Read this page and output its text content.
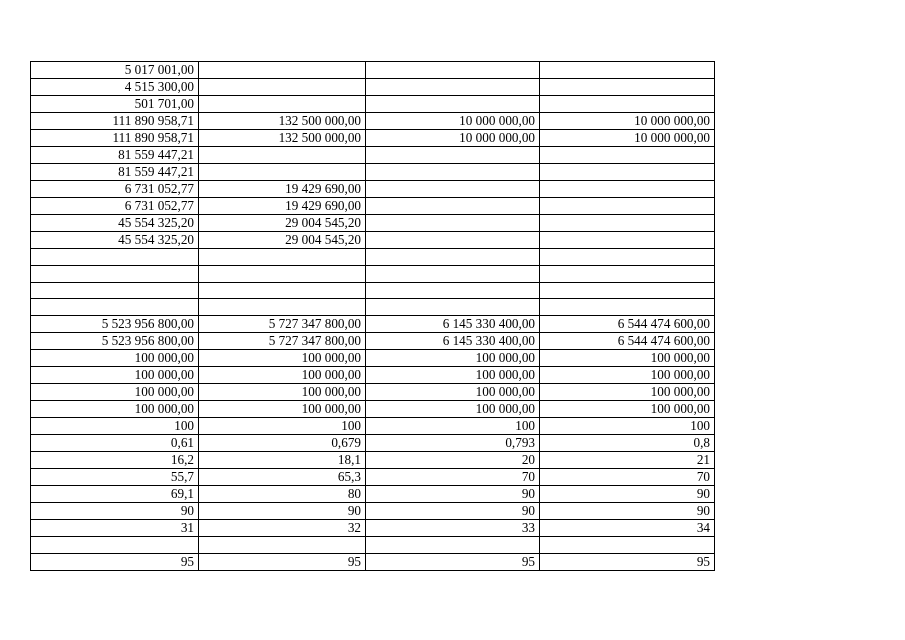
5 017 001,00			
4 515 300,00			
501 701,00			
111 890 958,71	132 500 000,00	10 000 000,00	10 000 000,00
111 890 958,71	132 500 000,00	10 000 000,00	10 000 000,00
81 559 447,21			
81 559 447,21			
6 731 052,77	19 429 690,00		
6 731 052,77	19 429 690,00		
45 554 325,20	29 004 545,20		
45 554 325,20	29 004 545,20		

5 523 956 800,00	5 727 347 800,00	6 145 330 400,00	6 544 474 600,00
5 523 956 800,00	5 727 347 800,00	6 145 330 400,00	6 544 474 600,00
100 000,00	100 000,00	100 000,00	100 000,00
100 000,00	100 000,00	100 000,00	100 000,00
100 000,00	100 000,00	100 000,00	100 000,00
100 000,00	100 000,00	100 000,00	100 000,00
100	100	100	100
0,61	0,679	0,793	0,8
16,2	18,1	20	21
55,7	65,3	70	70
69,1	80	90	90
90	90	90	90
31	32	33	34

95	95	95	95
